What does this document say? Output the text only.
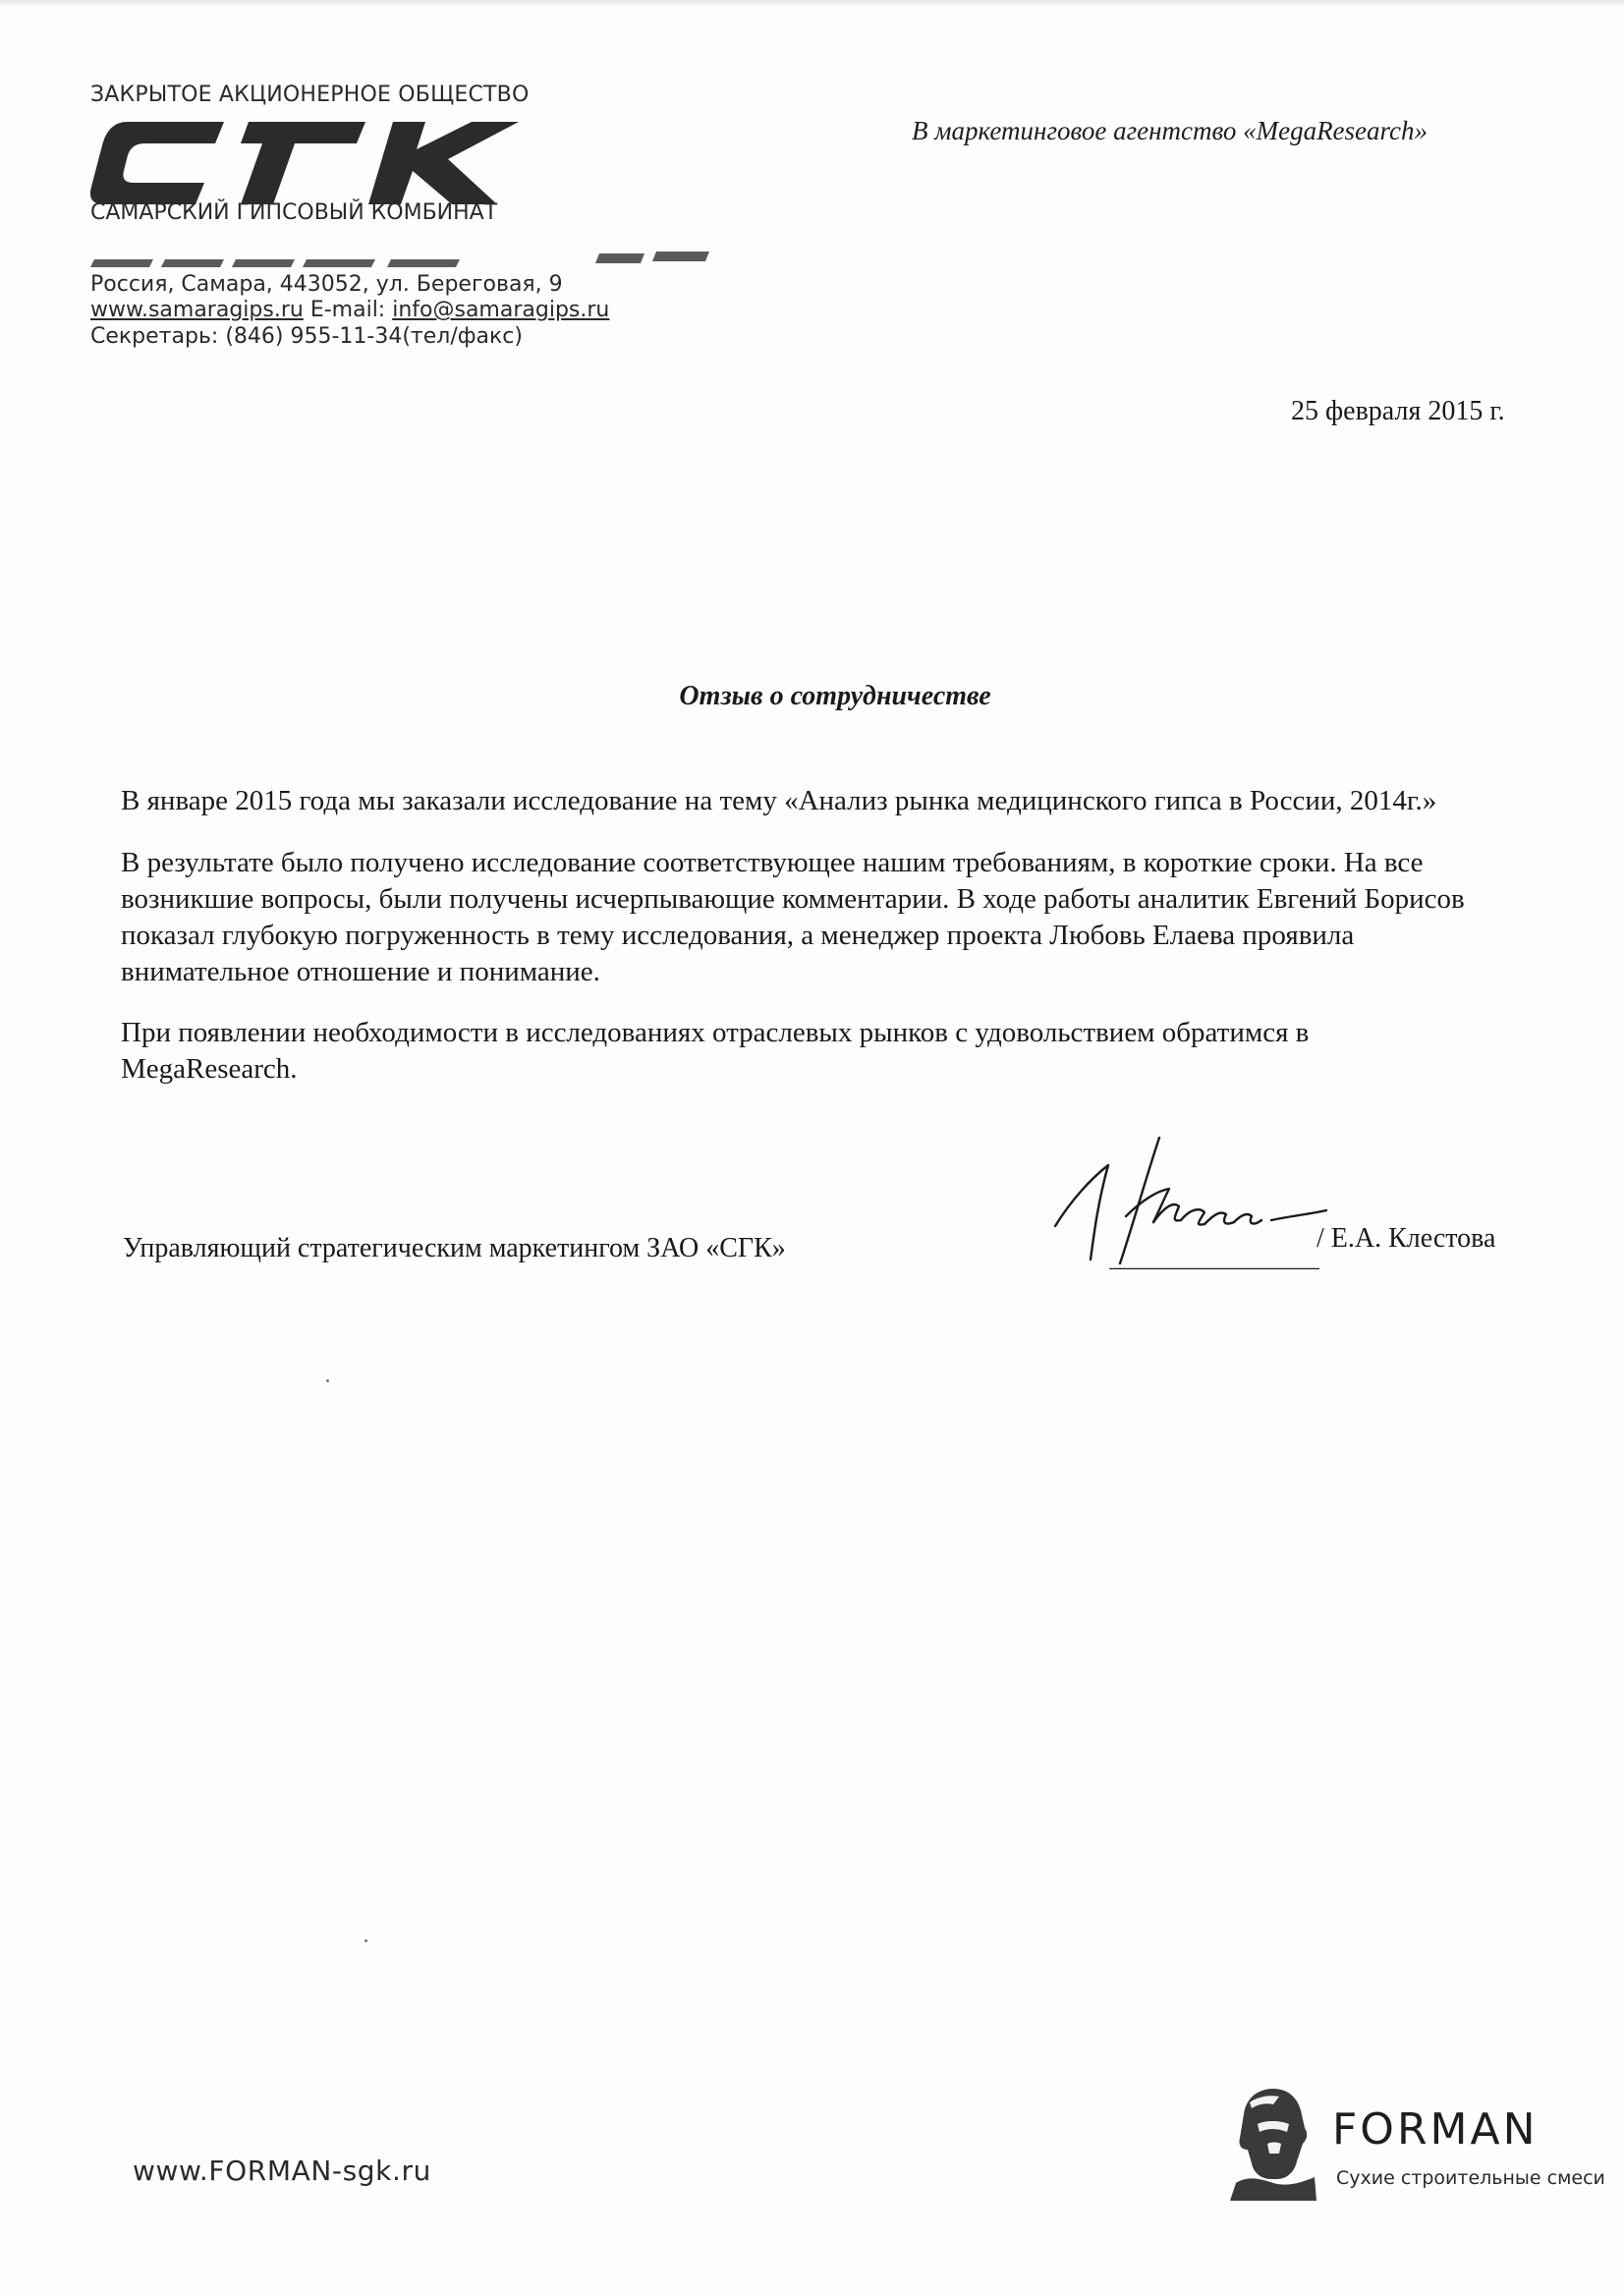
ЗАКРЫТОЕ АКЦИОНЕРНОЕ ОБЩЕСТВО
САМАРСКИЙ ГИПСОВЫЙ КОМБИНАТ
Россия, Самара, 443052, ул. Береговая, 9
www.samaragips.ru E-mail: info@samaragips.ru
Секретарь: (846) 955-11-34(тел/факс)
В маркетинговое агентство «MegaResearch»
25 февраля 2015 г.
Отзыв о сотрудничестве
В январе 2015 года мы заказали исследование на тему «Анализ рынка медицинского гипса в России, 2014г.»
В результате было получено исследование соответствующее нашим требованиям, в короткие сроки. На все
возникшие вопросы, были получены исчерпывающие комментарии. В ходе работы аналитик Евгений Борисов
показал глубокую погруженность в тему исследования, а менеджер проекта Любовь Елаева проявила
внимательное отношение и понимание.
При появлении необходимости в исследованиях отраслевых рынков с удовольствием обратимся в
MegaResearch.
Управляющий стратегическим маркетингом ЗАО «СГК»	/ Е.А. Клестова
www.FORMAN-sgk.ru
FORMAN
Сухие строительные смеси
